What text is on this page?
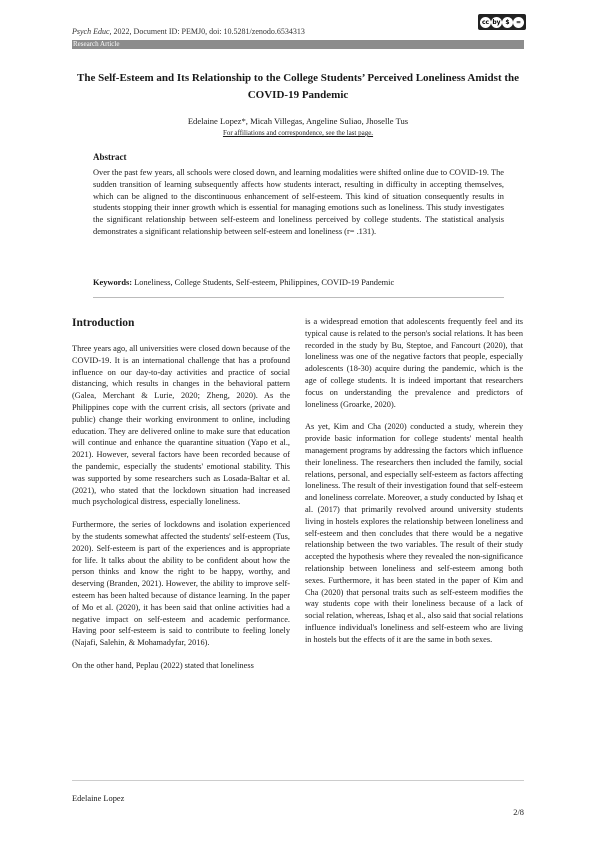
Psych Educ, 2022, Document ID: PEMJ0, doi: 10.5281/zenodo.6534313
cc by $	=
Research Article
The Self-Esteem and Its Relationship to the College Students’ Perceived Loneliness Amidst the COVID-19 Pandemic
Edelaine Lopez*, Micah Villegas, Angeline Suliao, Jhoselle Tus
For affiliations and correspondence, see the last page.
Abstract
Over the past few years, all schools were closed down, and learning modalities were shifted online due to COVID-19. The sudden transition of learning subsequently affects how students interact, resulting in difficulty in accepting themselves, which can be aligned to the discontinuous enhancement of self-esteem. This kind of situation consequently results in students stopping their inner growth which is essential for managing emotions such as loneliness. This study investigates the significant relationship between self-esteem and loneliness perceived by college students. The statistical analysis demonstrates a significant relationship between self-esteem and loneliness (r= .131).
Keywords: Loneliness, College Students, Self-esteem, Philippines, COVID-19 Pandemic
Introduction

Three years ago, all universities were closed down because of the COVID-19. It is an international challenge that has a profound influence on our day-to-day activities and practice of social distancing, which results in changes in the behavioral pattern (Galea, Merchant & Lurie, 2020; Zheng, 2020). As the Philippines cope with the current crisis, all sectors (private and public) change their working environment to online, including education. They are delivered online to make sure that education will continue and enhance the quarantine situation (Yapo et al., 2021). However, several factors have been recorded because of the pandemic, especially the students' emotional stability. This was supported by some researchers such as Losada-Baltar et al. (2021), who stated that the lockdown situation had increased much psychological distress, especially loneliness.

Furthermore, the series of lockdowns and isolation experienced by the students somewhat affected the students' self-esteem (Tus, 2020). Self-esteem is part of the experiences and is appropriate for life. It talks about the ability to be confident about how the person thinks and know the right to be happy, worthy, and deserving (Branden, 2021). However, the ability to improve self-esteem has been halted because of distance learning. In the paper of Mo et al. (2020), it has been said that online activities had a negative impact on self-esteem and academic performance. Having poor self-esteem is said to contribute to feeling lonely (Najafi, Salehin, & Mohamadyfar, 2016).

On the other hand, Peplau (2022) stated that loneliness

is a widespread emotion that adolescents frequently feel and its typical cause is related to the person's social relations. It has been recorded in the study by Bu, Steptoe, and Fancourt (2020), that loneliness was one of the negative factors that people, especially adolescents (18-30) acquire during the pandemic, which is the age of college students. It is indeed important that researchers focus on understanding the prevalence and predictors of loneliness (Groarke, 2020).

As yet, Kim and Cha (2020) conducted a study, wherein they provide basic information for college students' mental health management programs by addressing the factors which influence their loneliness. The researchers then included the family, social relations, personal, and especially self-esteem as factors affecting loneliness. The result of their investigation found that self-esteem and loneliness correlate. Moreover, a study conducted by Ishaq et al. (2017) that primarily revolved around university students living in hostels explores the relationship between loneliness and self-esteem and then concludes that there would be a negative relationship between the two variables. The result of their study accepted the hypothesis where they revealed the non-significance relationship between loneliness and self-esteem among both sexes. Furthermore, it has been stated in the paper of Kim and Cha (2020) that personal traits such as self-esteem modifies the way students cope with their loneliness because of a lack of social relation, whereas, Ishaq et al., also said that social relations influence individual's loneliness and self-esteem who are living in hostels but the effects of it are the same in both sexes.

Edelaine Lopez
2/8
